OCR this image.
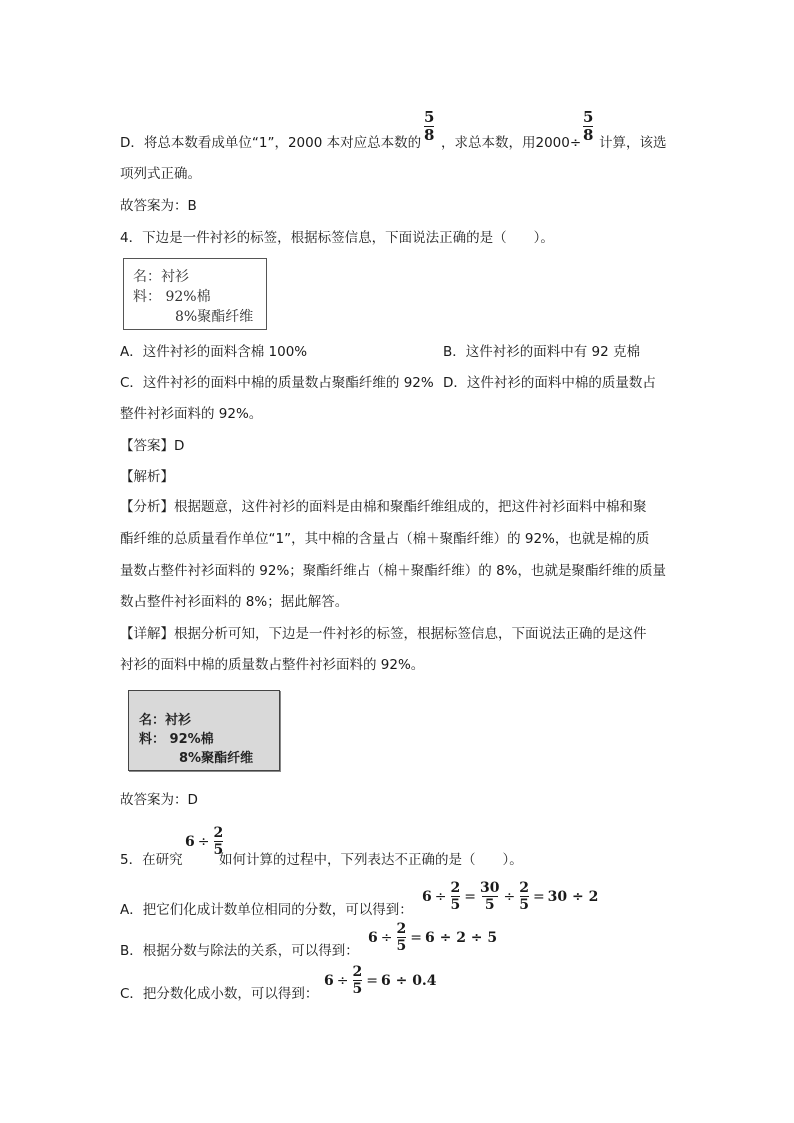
D．将总本数看成单位“1”，2000 本对应总本数的
5
8 ，求总本数，用2000÷
5
8 计算，该选
项列式正确。
故答案为：B
4．下边是一件衬衫的标签，根据标签信息，下面说法正确的是（　　）。
名：衬衫
料： 92%棉
8%聚酯纤维
A．这件衬衫的面料含棉 100%	B．这件衬衫的面料中有 92 克棉
C．这件衬衫的面料中棉的质量数占聚酯纤维的 92% D．这件衬衫的面料中棉的质量数占
整件衬衫面料的 92%。
【答案】D
【解析】
【分析】根据题意，这件衬衫的面料是由棉和聚酯纤维组成的，把这件衬衫面料中棉和聚
酯纤维的总质量看作单位“1”，其中棉的含量占（棉＋聚酯纤维）的 92%，也就是棉的质
量数占整件衬衫面料的 92%；聚酯纤维占（棉＋聚酯纤维）的 8%，也就是聚酯纤维的质量
数占整件衬衫面料的 8%；据此解答。
【详解】根据分析可知，下边是一件衬衫的标签，根据标签信息，下面说法正确的是这件
衬衫的面料中棉的质量数占整件衬衫面料的 92%。
名：衬衫
料： 92%棉
8%聚酯纤维
故答案为：D
5．在研究
6 ÷
2
5
如何计算的过程中，下列表达不正确的是（　　）。
A．把它们化成计数单位相同的分数，可以得到：
6 ÷
2
5
=
30
5
÷
2
5
= 30 ÷ 2
B．根据分数与除法的关系，可以得到：
6 ÷
2
5
= 6 ÷ 2 ÷ 5
C．把分数化成小数，可以得到：
6 ÷
2
5
= 6 ÷ 0.4
